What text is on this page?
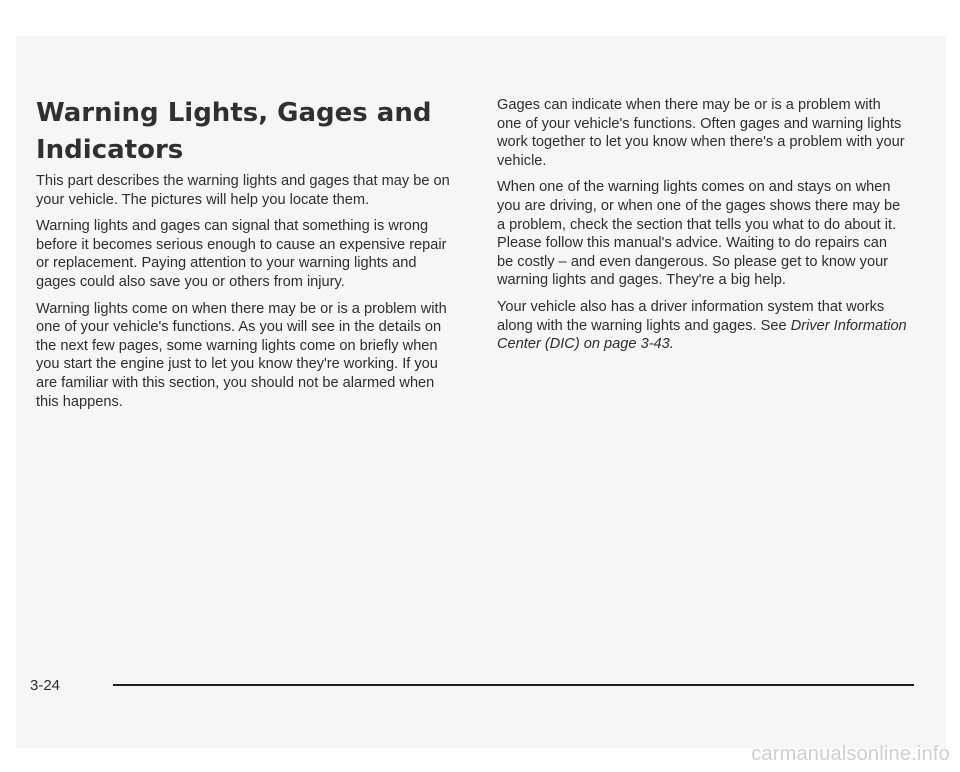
Warning Lights, Gages and Indicators

This part describes the warning lights and gages that may be on your vehicle. The pictures will help you locate them.

Warning lights and gages can signal that something is wrong before it becomes serious enough to cause an expensive repair or replacement. Paying attention to your warning lights and gages could also save you or others from injury.

Warning lights come on when there may be or is a problem with one of your vehicle's functions. As you will see in the details on the next few pages, some warning lights come on briefly when you start the engine just to let you know they're working. If you are familiar with this section, you should not be alarmed when this happens.

Gages can indicate when there may be or is a problem with one of your vehicle's functions. Often gages and warning lights work together to let you know when there's a problem with your vehicle.

When one of the warning lights comes on and stays on when you are driving, or when one of the gages shows there may be a problem, check the section that tells you what to do about it. Please follow this manual's advice. Waiting to do repairs can be costly – and even dangerous. So please get to know your warning lights and gages. They're a big help.

Your vehicle also has a driver information system that works along with the warning lights and gages. See Driver Information Center (DIC) on page 3-43.

3-24
carmanualsonline.info
